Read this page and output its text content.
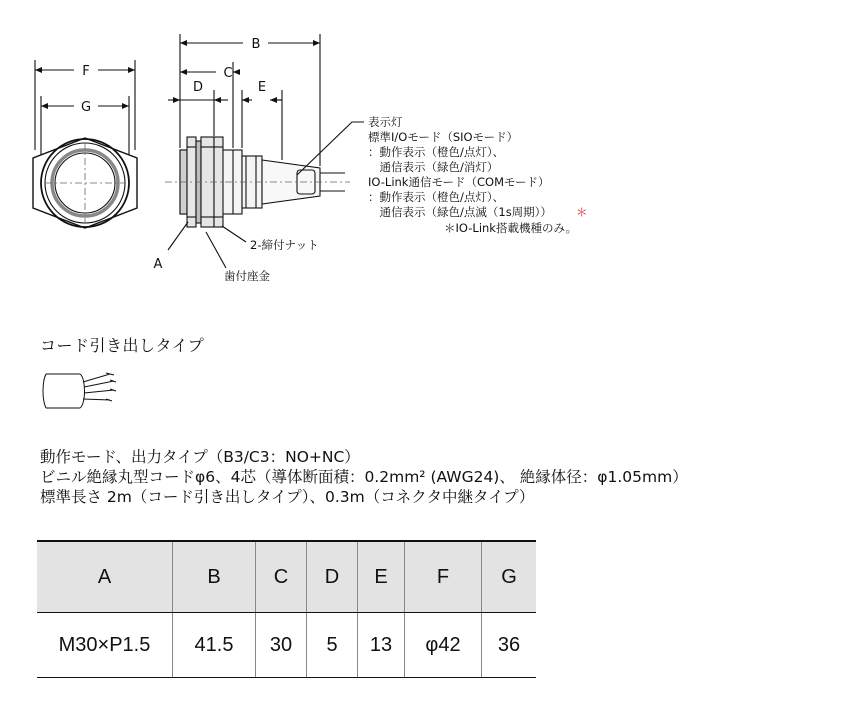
F
G
B
C
D	E
A
2-締付ナット
歯付座金
表示灯
標準I/Oモード（SIOモード）
：動作表示（橙色/点灯）、
　通信表示（緑色/消灯）
IO-Link通信モード（COMモード）
：動作表示（橙色/点灯）、
　通信表示（緑色/点滅（1s周期）） ＊
＊IO-Link搭載機種のみ。
コード引き出しタイプ
動作モード、出力タイプ（B3/C3：NO+NC）
ビニル絶縁丸型コードφ6、4芯（導体断面積：0.2mm² (AWG24)、 絶縁体径：φ1.05mm）
標準長さ 2m（コード引き出しタイプ）、0.3m（コネクタ中継タイプ）
A	B	C	D	E	F	G
M30×P1.5	41.5	30	5	13	φ42	36
